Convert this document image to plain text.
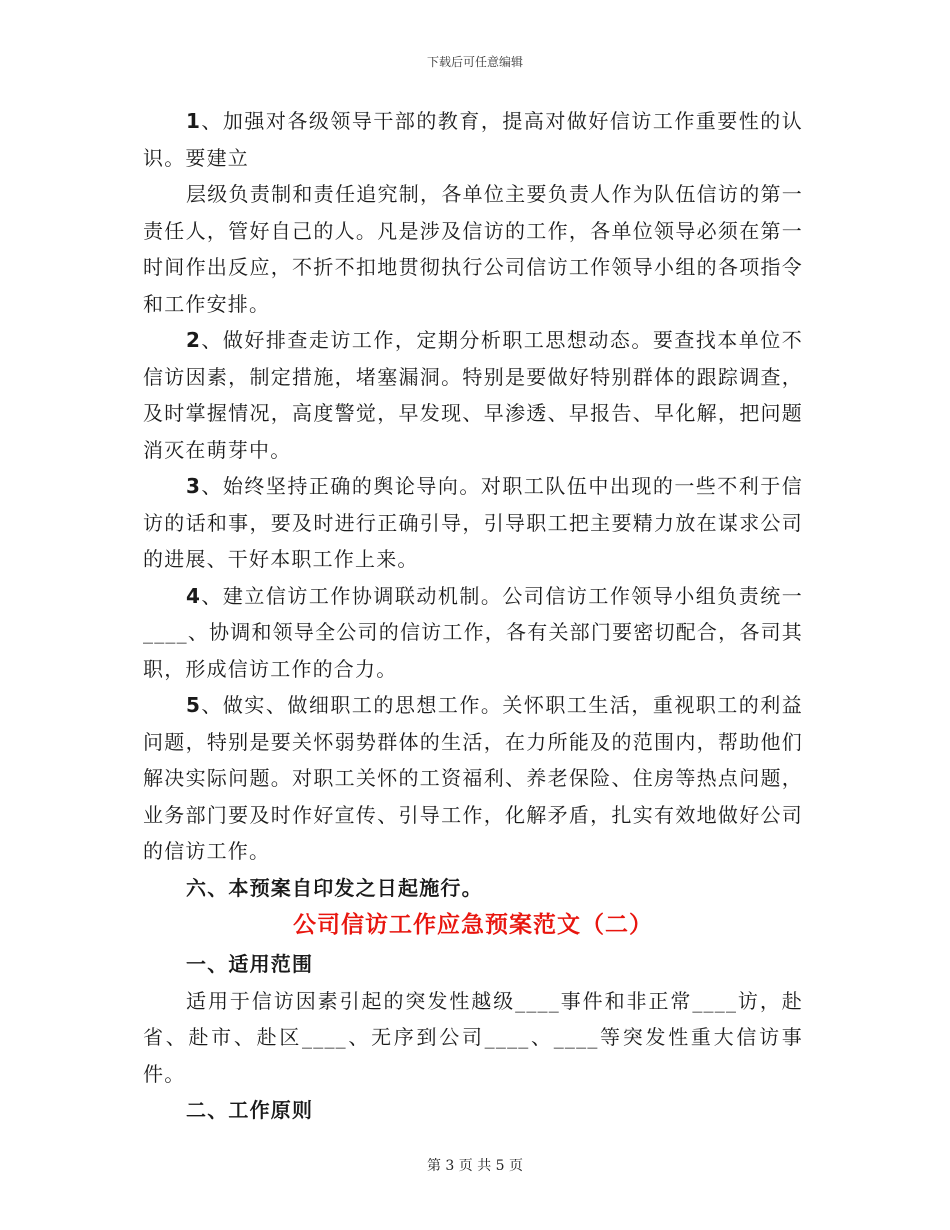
下载后可任意编辑

1、加强对各级领导干部的教育，提高对做好信访工作重要性的认识。要建立

层级负责制和责任追究制，各单位主要负责人作为队伍信访的第一责任人，管好自己的人。凡是涉及信访的工作，各单位领导必须在第一时间作出反应，不折不扣地贯彻执行公司信访工作领导小组的各项指令和工作安排。

2、做好排查走访工作，定期分析职工思想动态。要查找本单位不信访因素，制定措施，堵塞漏洞。特别是要做好特别群体的跟踪调查，及时掌握情况，高度警觉，早发现、早渗透、早报告、早化解，把问题消灭在萌芽中。

3、始终坚持正确的舆论导向。对职工队伍中出现的一些不利于信访的话和事，要及时进行正确引导，引导职工把主要精力放在谋求公司的进展、干好本职工作上来。

4、建立信访工作协调联动机制。公司信访工作领导小组负责统一____、协调和领导全公司的信访工作，各有关部门要密切配合，各司其职，形成信访工作的合力。

5、做实、做细职工的思想工作。关怀职工生活，重视职工的利益问题，特别是要关怀弱势群体的生活，在力所能及的范围内，帮助他们解决实际问题。对职工关怀的工资福利、养老保险、住房等热点问题，业务部门要及时作好宣传、引导工作，化解矛盾，扎实有效地做好公司的信访工作。

六、本预案自印发之日起施行。

公司信访工作应急预案范文（二）

一、适用范围

适用于信访因素引起的突发性越级____事件和非正常____访，赴省、赴市、赴区____、无序到公司____、____等突发性重大信访事件。

二、工作原则

第 3 页 共 5 页
